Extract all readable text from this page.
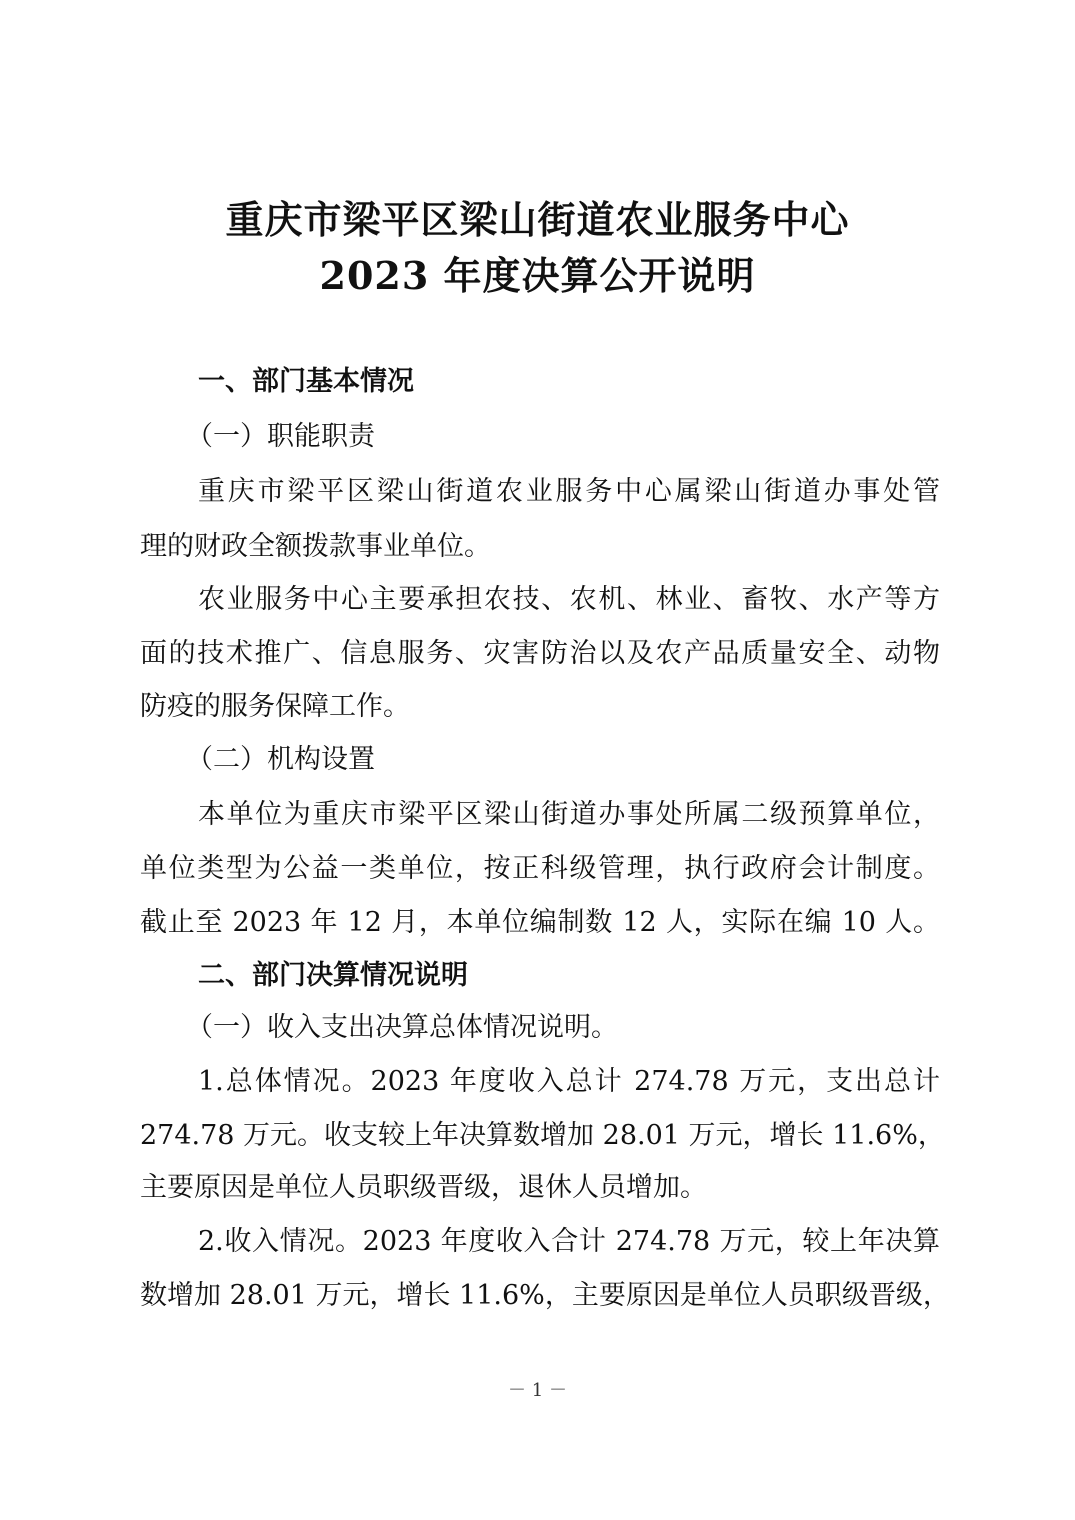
重庆市梁平区梁山街道农业服务中心
2023 年度决算公开说明
一、部门基本情况
（一）职能职责
重庆市梁平区梁山街道农业服务中心属梁山街道办事处管
理的财政全额拨款事业单位。
农业服务中心主要承担农技、农机、林业、畜牧、水产等方
面的技术推广、信息服务、灾害防治以及农产品质量安全、动物
防疫的服务保障工作。
（二）机构设置
本单位为重庆市梁平区梁山街道办事处所属二级预算单位，
单位类型为公益一类单位，按正科级管理，执行政府会计制度。
截止至 2023 年 12 月，本单位编制数 12 人，实际在编 10 人。
二、部门决算情况说明
（一）收入支出决算总体情况说明。
1.总体情况。2023 年度收入总计 274.78 万元，支出总计
274.78 万元。收支较上年决算数增加 28.01 万元，增长 11.6%，
主要原因是单位人员职级晋级，退休人员增加。
2.收入情况。2023 年度收入合计 274.78 万元，较上年决算
数增加 28.01 万元，增长 11.6%，主要原因是单位人员职级晋级，
－ 1 －
